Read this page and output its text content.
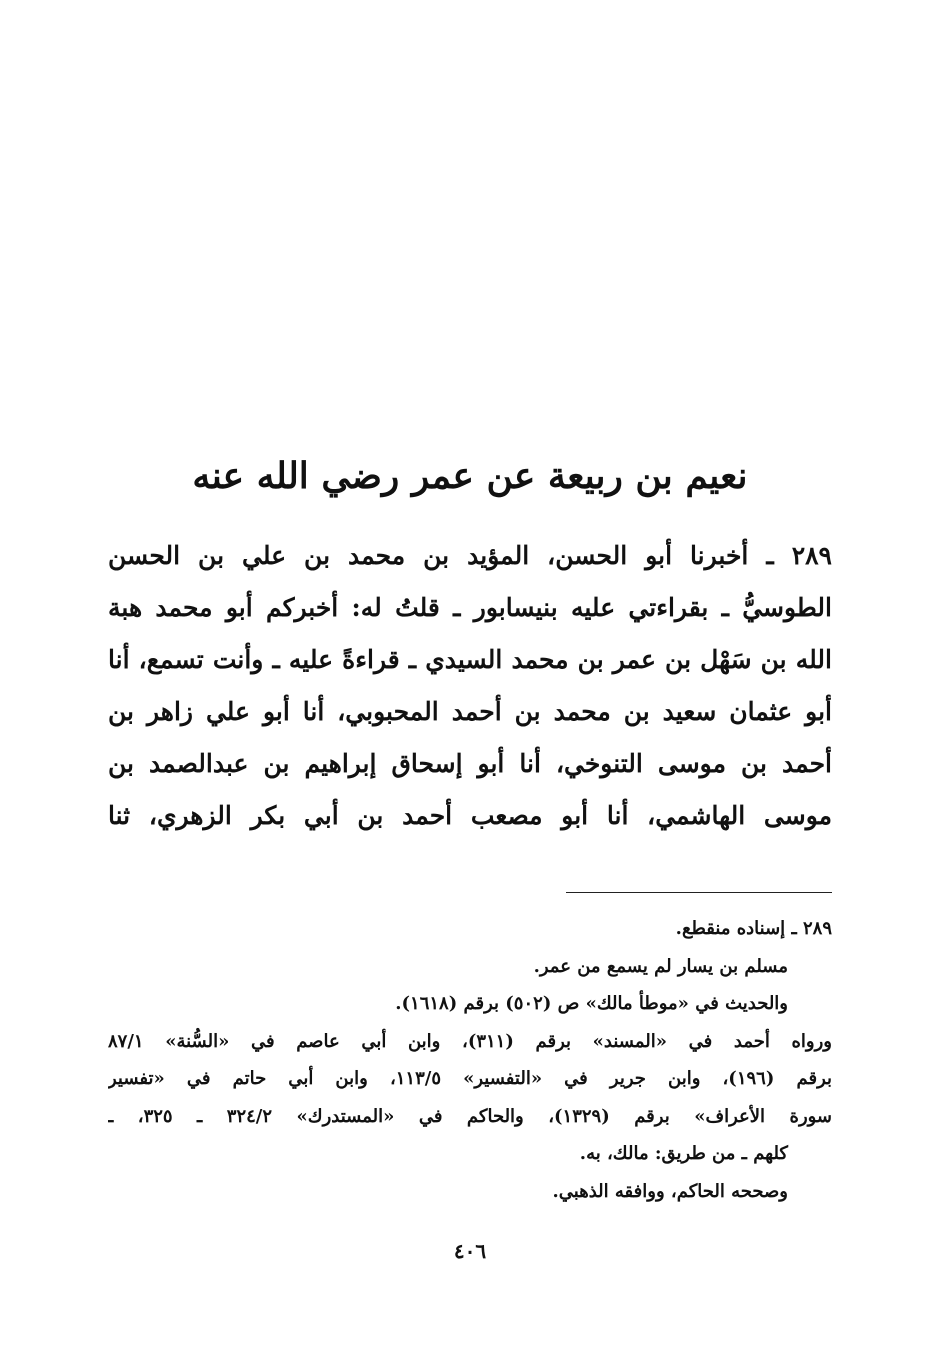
نعيم بن ربيعة عن عمر رضي الله عنه
٢٨٩ ـ أخبرنا أبو الحسن، المؤيد بن محمد بن علي بن الحسن
الطوسيُّ ـ بقراءتي عليه بنيسابور ـ قلتُ له: أخبركم أبو محمد هبة
الله بن سَهْل بن عمر بن محمد السيدي ـ قراءةً عليه ـ وأنت تسمع، أنا
أبو عثمان سعيد بن محمد بن أحمد المحبوبي، أنا أبو علي زاهر بن
أحمد بن موسى التنوخي، أنا أبو إسحاق إبراهيم بن عبدالصمد بن
موسى الهاشمي، أنا أبو مصعب أحمد بن أبي بكر الزهري، ثنا
٢٨٩ ـ إسناده منقطع.
مسلم بن يسار لم يسمع من عمر.
والحديث في «موطأ مالك» ص (٥٠٢) برقم (١٦١٨).
ورواه أحمد في «المسند» برقم (٣١١)، وابن أبي عاصم في «السُّنة» ٨٧/١
برقم (١٩٦)، وابن جرير في «التفسير» ١١٣/٥، وابن أبي حاتم في «تفسير
سورة الأعراف» برقم (١٣٢٩)، والحاكم في «المستدرك» ٣٢٤/٢ ـ ٣٢٥، ـ
كلهم ـ من طريق: مالك، به.
وصححه الحاكم، ووافقه الذهبي.
٤٠٦
